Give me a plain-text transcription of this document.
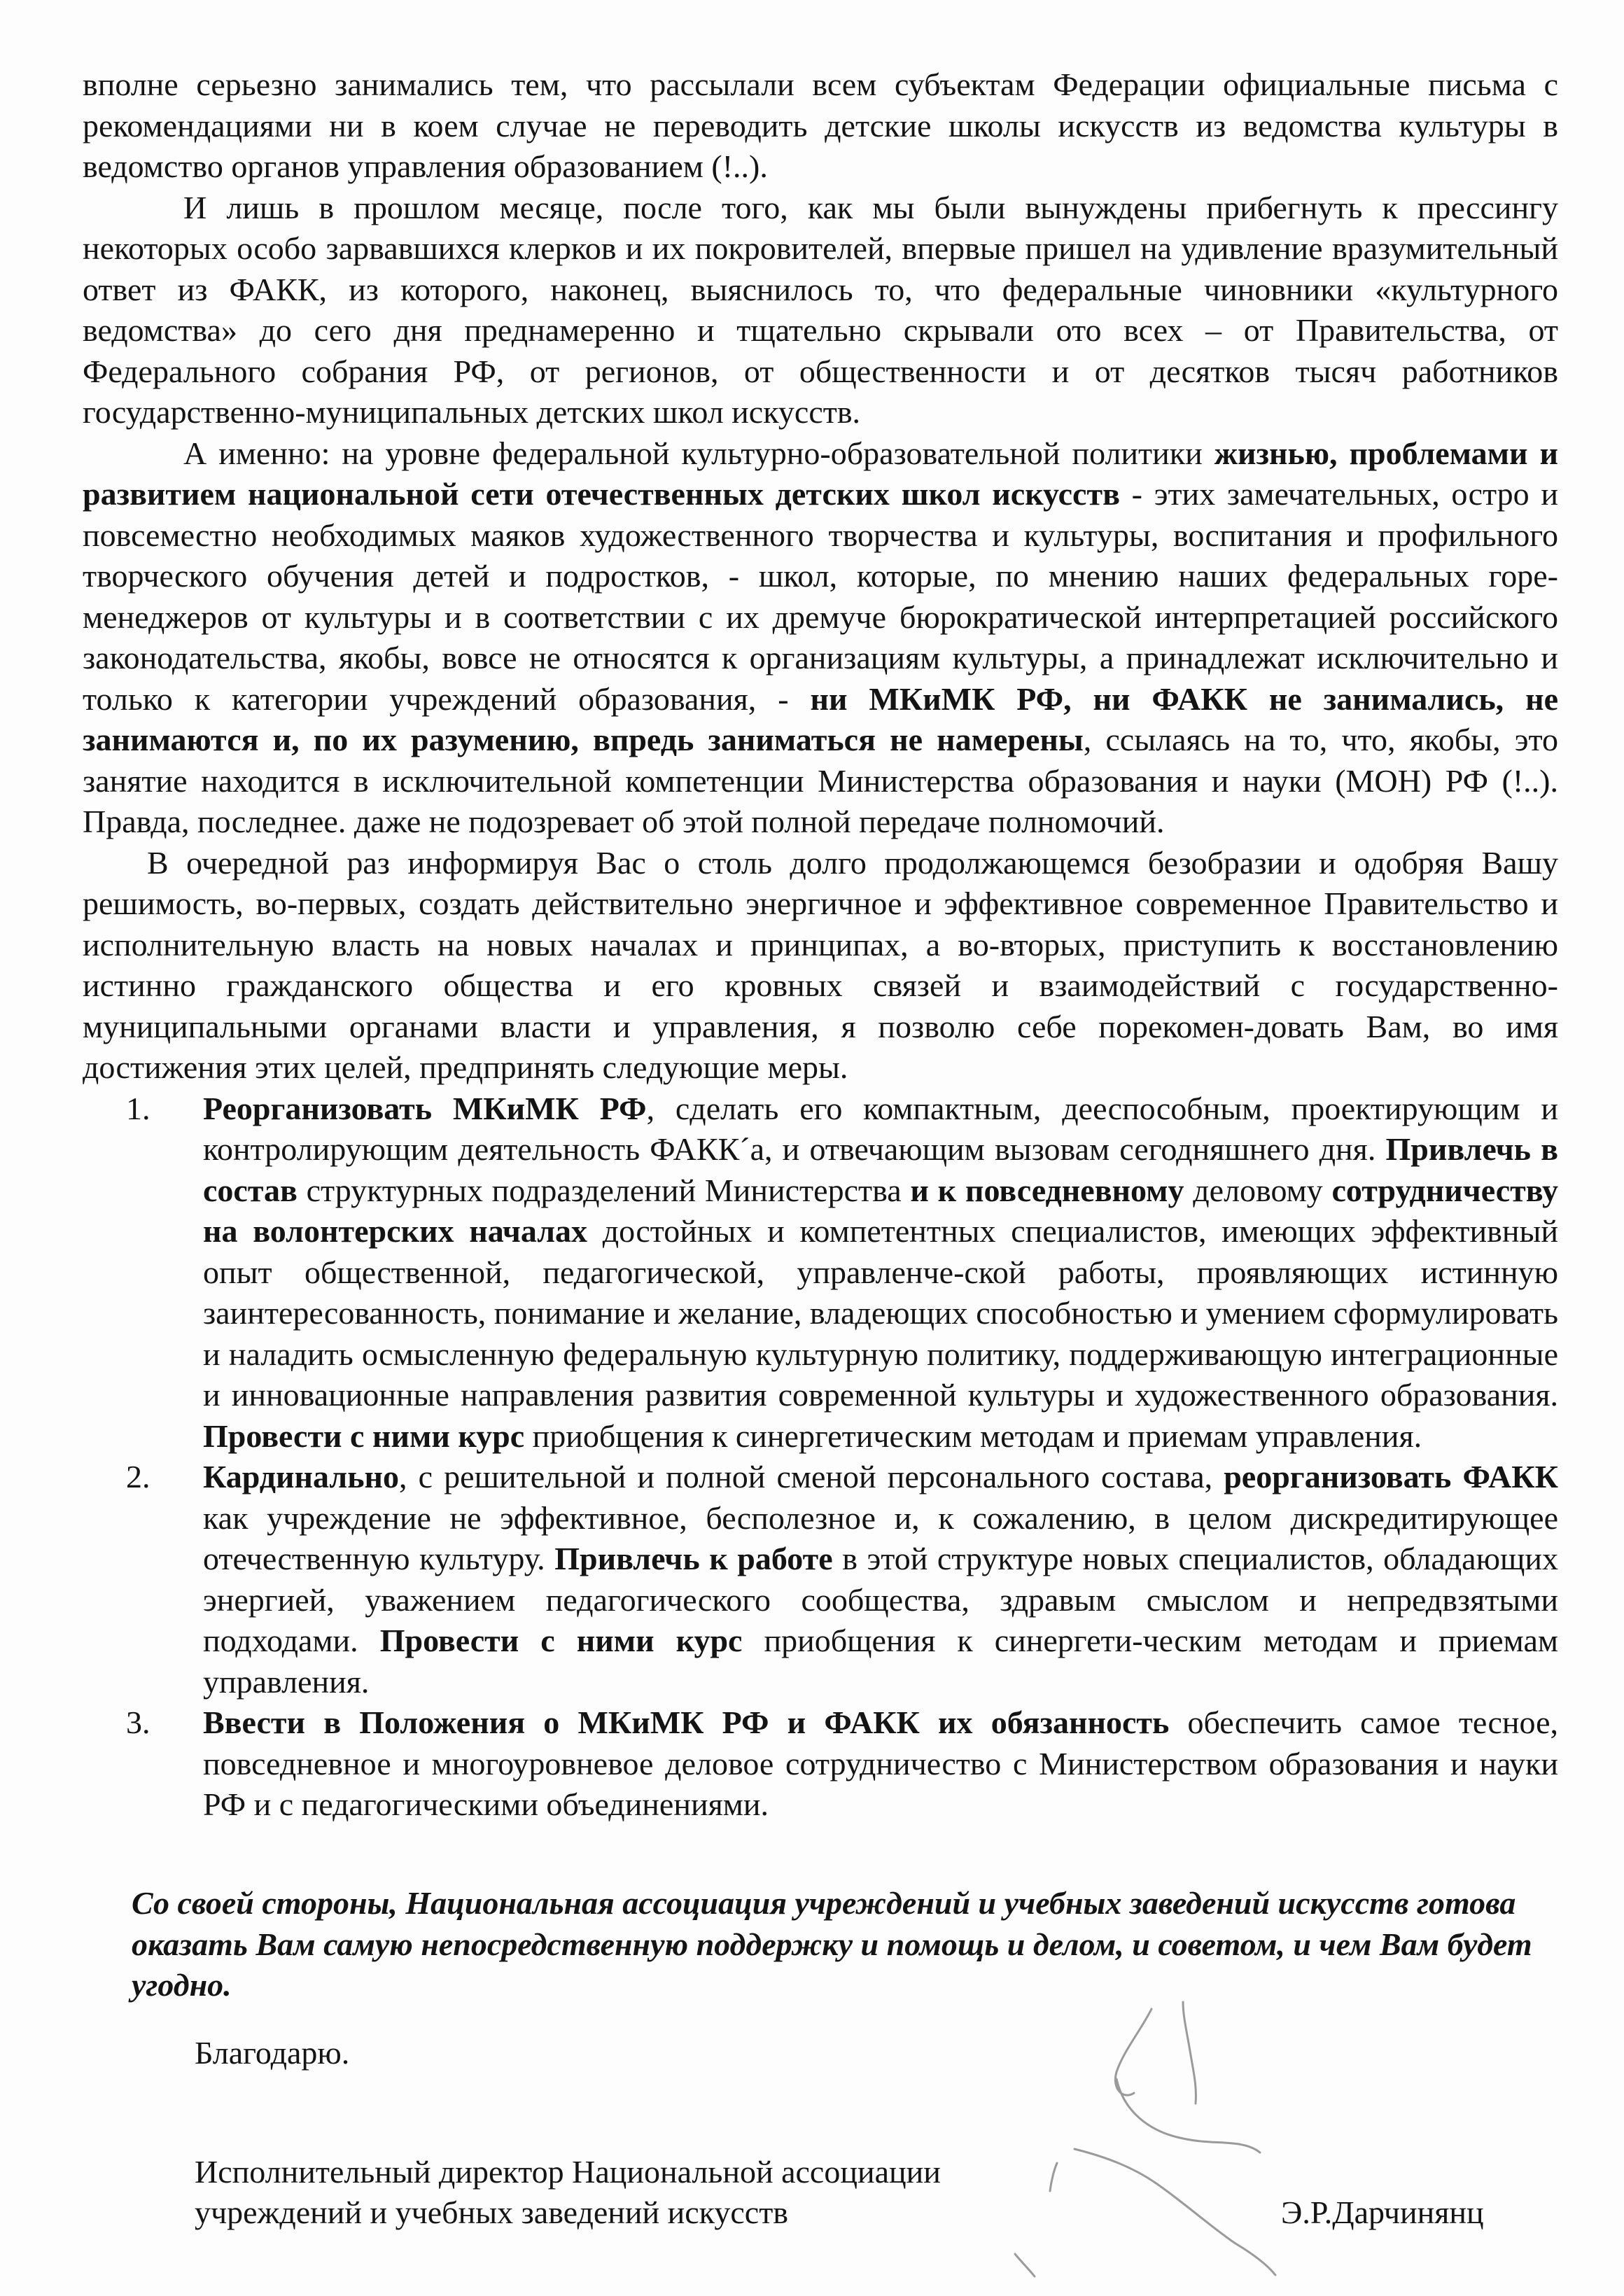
вполне серьезно занимались тем, что рассылали всем субъектам Федерации официальные письма с рекомендациями ни в коем случае не переводить детские школы искусств из ведомства культуры в ведомство органов управления образованием (!..).

И лишь в прошлом месяце, после того, как мы были вынуждены прибегнуть к прессингу некоторых особо зарвавшихся клерков и их покровителей, впервые пришел на удивление вразумительный ответ из ФАКК, из которого, наконец, выяснилось то, что федеральные чиновники «культурного ведомства» до сего дня преднамеренно и тщательно скрывали ото всех – от Правительства, от Федерального собрания РФ, от регионов, от общественности и от десятков тысяч работников государственно-муниципальных детских школ искусств.

А именно: на уровне федеральной культурно-образовательной политики жизнью, проблемами и развитием национальной сети отечественных детских школ искусств - этих замечательных, остро и повсеместно необходимых маяков художественного творчества и культуры, воспитания и профильного творческого обучения детей и подростков, - школ, которые, по мнению наших федеральных горе-менеджеров от культуры и в соответствии с их дремуче бюрократической интерпретацией российского законодательства, якобы, вовсе не относятся к организациям культуры, а принадлежат исключительно и только к категории учреждений образования, - ни МКиМК РФ, ни ФАКК не занимались, не занимаются и, по их разумению, впредь заниматься не намерены, ссылаясь на то, что, якобы, это занятие находится в исключительной компетенции Министерства образования и науки (МОН) РФ (!..). Правда, последнее. даже не подозревает об этой полной передаче полномочий.

В очередной раз информируя Вас о столь долго продолжающемся безобразии и одобряя Вашу решимость, во-первых, создать действительно энергичное и эффективное современное Правительство и исполнительную власть на новых началах и принципах, а во-вторых, приступить к восстановлению истинно гражданского общества и его кровных связей и взаимодействий с государственно-муниципальными органами власти и управления, я позволю себе порекомен-довать Вам, во имя достижения этих целей, предпринять следующие меры.

1. Реорганизовать МКиМК РФ, сделать его компактным, дееспособным, проектирующим и контролирующим деятельность ФАКК´а, и отвечающим вызовам сегодняшнего дня. Привлечь в состав структурных подразделений Министерства и к повседневному деловому сотрудничеству на волонтерских началах достойных и компетентных специалистов, имеющих эффективный опыт общественной, педагогической, управленче-ской работы, проявляющих истинную заинтересованность, понимание и желание, владеющих способностью и умением сформулировать и наладить осмысленную федеральную культурную политику, поддерживающую интеграционные и инновационные направления развития современной культуры и художественного образования. Провести с ними курс приобщения к синергетическим методам и приемам управления.
2. Кардинально, с решительной и полной сменой персонального состава, реорганизовать ФАКК как учреждение не эффективное, бесполезное и, к сожалению, в целом дискредитирующее отечественную культуру. Привлечь к работе в этой структуре новых специалистов, обладающих энергией, уважением педагогического сообщества, здравым смыслом и непредвзятыми подходами. Провести с ними курс приобщения к синергети-ческим методам и приемам управления.
3. Ввести в Положения о МКиМК РФ и ФАКК их обязанность обеспечить самое тесное, повседневное и многоуровневое деловое сотрудничество с Министерством образования и науки РФ и с педагогическими объединениями.
Со своей стороны, Национальная ассоциация учреждений и учебных заведений искусств готова оказать Вам самую непосредственную поддержку и помощь и делом, и советом, и чем Вам будет угодно.
Благодарю.
Исполнительный директор Национальной ассоциации
учреждений и учебных заведений искусств	Э.Р.Дарчинянц
